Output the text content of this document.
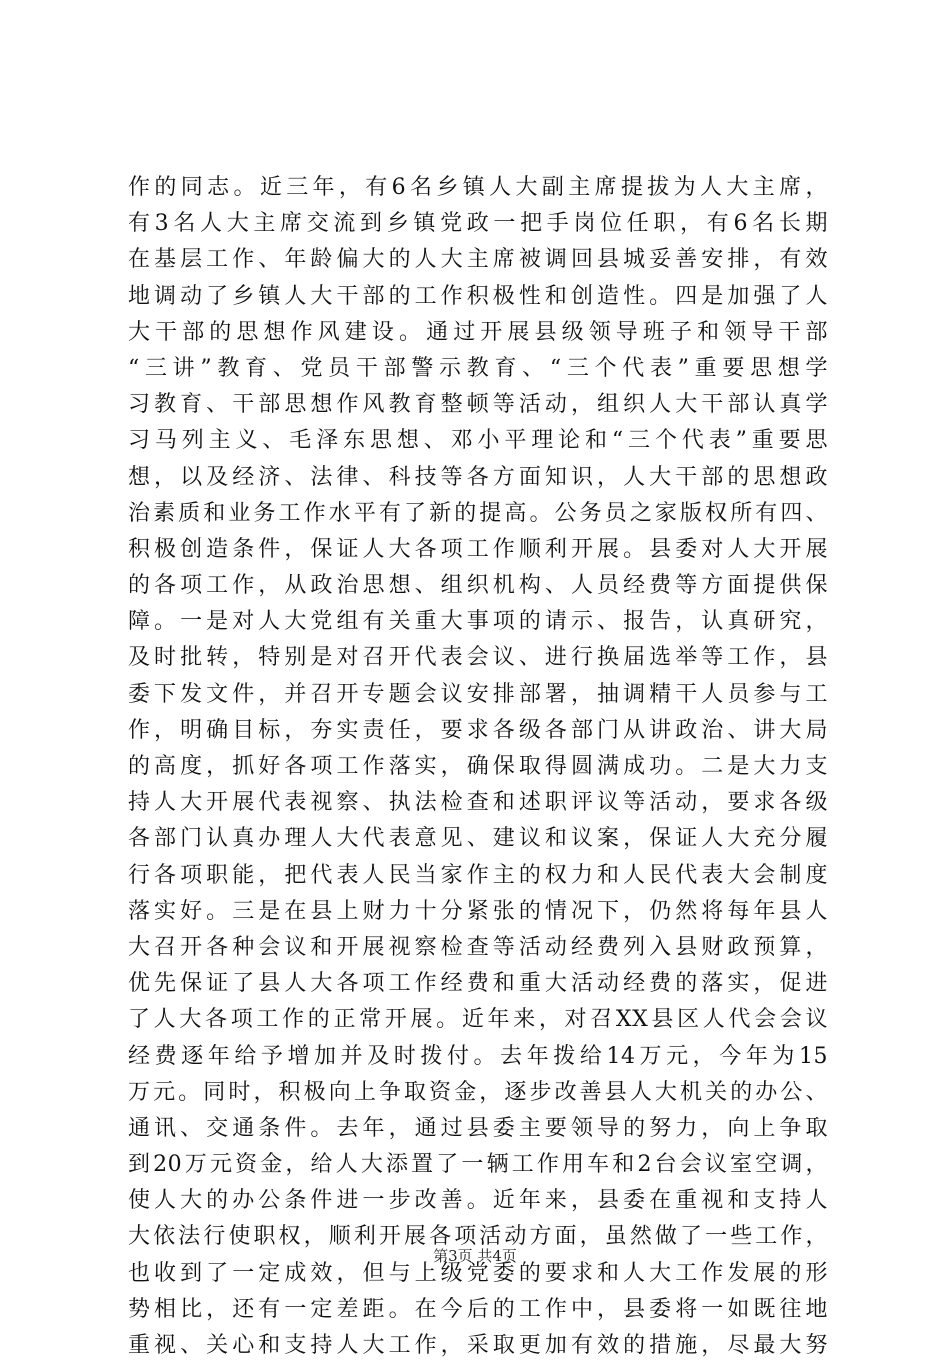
作的同志。近三年，有6名乡镇人大副主席提拔为人大主席，
有3名人大主席交流到乡镇党政一把手岗位任职，有6名长期
在基层工作、年龄偏大的人大主席被调回县城妥善安排，有效
地调动了乡镇人大干部的工作积极性和创造性。四是加强了人
大干部的思想作风建设。通过开展县级领导班子和领导干部
“三讲”教育、党员干部警示教育、“三个代表”重要思想学
习教育、干部思想作风教育整顿等活动，组织人大干部认真学
习马列主义、毛泽东思想、邓小平理论和“三个代表”重要思
想，以及经济、法律、科技等各方面知识，人大干部的思想政
治素质和业务工作水平有了新的提高。公务员之家版权所有四、
积极创造条件，保证人大各项工作顺利开展。县委对人大开展
的各项工作，从政治思想、组织机构、人员经费等方面提供保
障。一是对人大党组有关重大事项的请示、报告，认真研究，
及时批转，特别是对召开代表会议、进行换届选举等工作，县
委下发文件，并召开专题会议安排部署，抽调精干人员参与工
作，明确目标，夯实责任，要求各级各部门从讲政治、讲大局
的高度，抓好各项工作落实，确保取得圆满成功。二是大力支
持人大开展代表视察、执法检查和述职评议等活动，要求各级
各部门认真办理人大代表意见、建议和议案，保证人大充分履
行各项职能，把代表人民当家作主的权力和人民代表大会制度
落实好。三是在县上财力十分紧张的情况下，仍然将每年县人
大召开各种会议和开展视察检查等活动经费列入县财政预算，
优先保证了县人大各项工作经费和重大活动经费的落实，促进
了人大各项工作的正常开展。近年来，对召XX县区人代会会议
经费逐年给予增加并及时拨付。去年拨给14万元，今年为15
万元。同时，积极向上争取资金，逐步改善县人大机关的办公、
通讯、交通条件。去年，通过县委主要领导的努力，向上争取
到20万元资金，给人大添置了一辆工作用车和2台会议室空调，
使人大的办公条件进一步改善。近年来，县委在重视和支持人
大依法行使职权，顺利开展各项活动方面，虽然做了一些工作，
也收到了一定成效，但与上级党委的要求和人大工作发展的形
势相比，还有一定差距。在今后的工作中，县委将一如既往地
重视、关心和支持人大工作，采取更加有效的措施，尽最大努
第3页 共4页
